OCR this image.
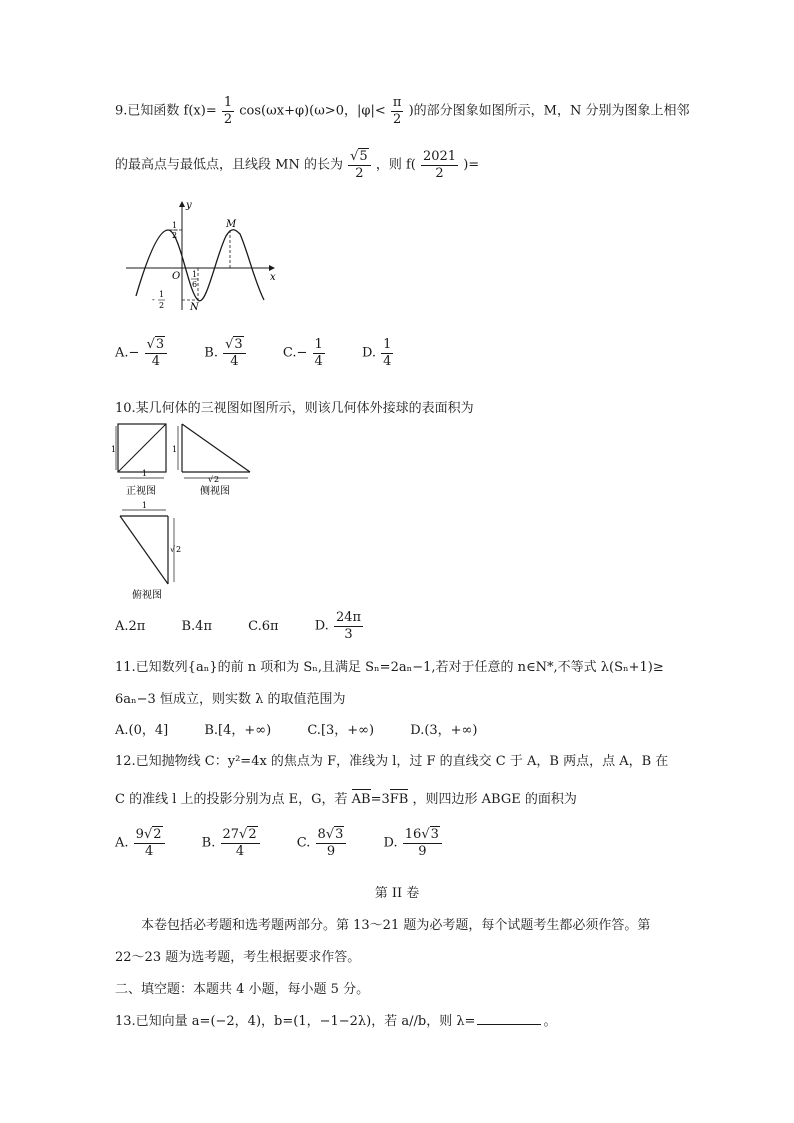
9.已知函数 $f(x)= \frac{1}{2} \cos(\omega x+\varphi)(\omega>0$，$|\varphi|< \frac{\pi}{2}$ )的部分图象如图所示，M，N 分别为图象上相邻
的最高点与最低点，且线段 MN 的长为 $\frac{√5}{2}$ ，则 $f( \frac{2021}{2}$ )=
y
x
O
1
2
1
6
-
1
2
M
N
$A.- \frac{√3}{4}$	B. $\frac{√3}{4}$	$C.- \frac{1}{4}$	D. $\frac{1}{4}$
10.某几何体的三视图如图所示，则该几何体外接球的表面积为
1
1
正视图
1
√ 2
侧视图
1
√ 2
俯视图
A.2π	B.4π	C.6π	D. $\frac{24\pi}{3}$
11.已知数列{aₙ}的前 n 项和为 Sₙ,且满足 Sₙ=2aₙ−1,若对于任意的 n∈N*,不等式 λ(Sₙ+1)≥
6aₙ−3 恒成立，则实数 λ 的取值范围为
A.(0，4]	B.[4，+∞)	C.[3，+∞)	D.(3，+∞)
12.已知抛物线 C：y²=4x 的焦点为 F，准线为 l，过 F 的直线交 C 于 A，B 两点，点 A，B 在
C 的准线 l 上的投影分别为点 E，G，若 AB=3FB ，则四边形 ABGE 的面积为
A. $\frac{9√2}{4}$	B. $\frac{27√2}{4}$	C. $\frac{8√3}{9}$	D. $\frac{16√3}{9}$
第 II 卷
本卷包括必考题和选考题两部分。第 13～21 题为必考题，每个试题考生都必须作答。第
22～23 题为选考题，考生根据要求作答。
二、填空题：本题共 4 小题，每小题 5 分。
13.已知向量 a=(−2，4)，b=(1，−1−2λ)，若 a//b，则 λ=	。
